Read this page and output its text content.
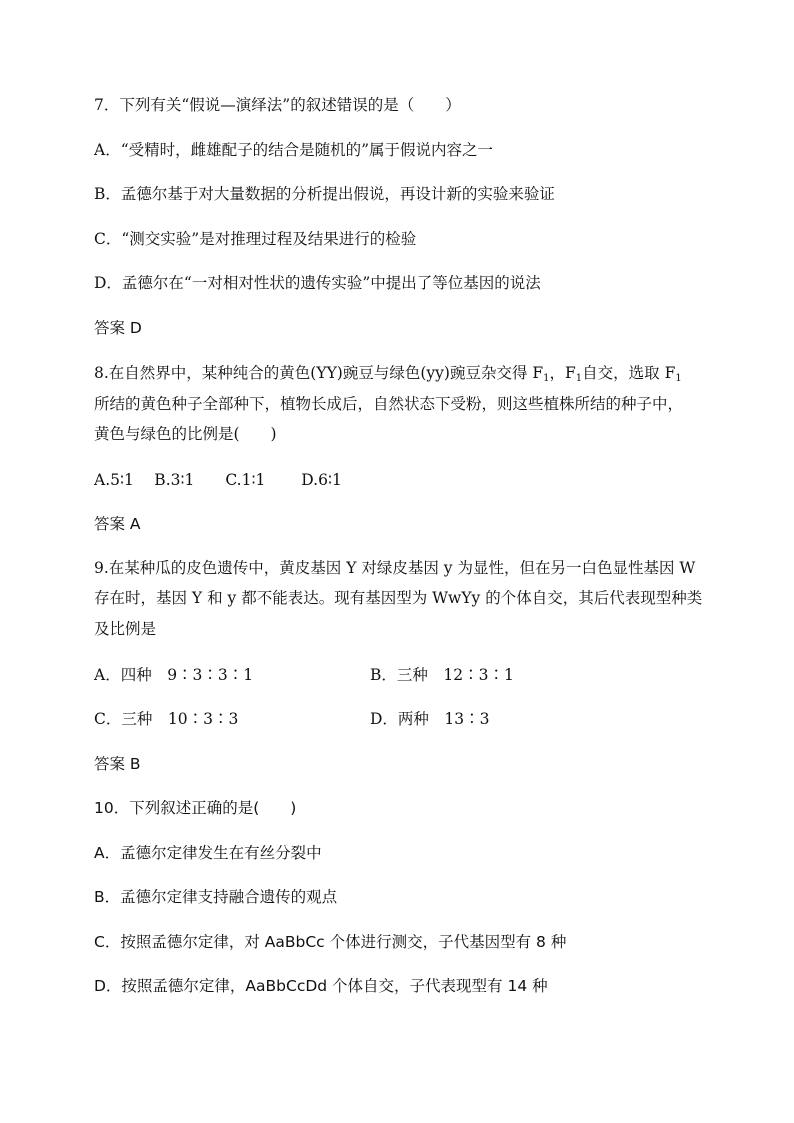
7．下列有关“假说—演绎法”的叙述错误的是（　　）
A．“受精时，雌雄配子的结合是随机的”属于假说内容之一
B．孟德尔基于对大量数据的分析提出假说，再设计新的实验来验证
C．“测交实验”是对推理过程及结果进行的检验
D．孟德尔在“一对相对性状的遗传实验”中提出了等位基因的说法
答案 D
8.在自然界中，某种纯合的黄色(YY)豌豆与绿色(yy)豌豆杂交得 $F_1$，$F_1$自交，选取 $F_1$
所结的黄色种子全部种下，植物长成后，自然状态下受粉，则这些植株所结的种子中，
黄色与绿色的比例是(　　)
A.5∶1　 B.3∶1　　C.1∶1　　 D.6∶1
答案 A
9.在某种瓜的皮色遗传中，黄皮基因 Y 对绿皮基因 y 为显性，但在另一白色显性基因 W
存在时，基因 Y 和 y 都不能表达。现有基因型为 WwYy 的个体自交，其后代表现型种类
及比例是
A．四种　9∶3∶3∶1	B．三种　12∶3∶1
C．三种　10∶3∶3	D．两种　13∶3
答案 B
10．下列叙述正确的是(　　)
A．孟德尔定律发生在有丝分裂中
B．孟德尔定律支持融合遗传的观点
C．按照孟德尔定律，对 AaBbCc 个体进行测交，子代基因型有 8 种
D．按照孟德尔定律，AaBbCcDd 个体自交，子代表现型有 14 种
